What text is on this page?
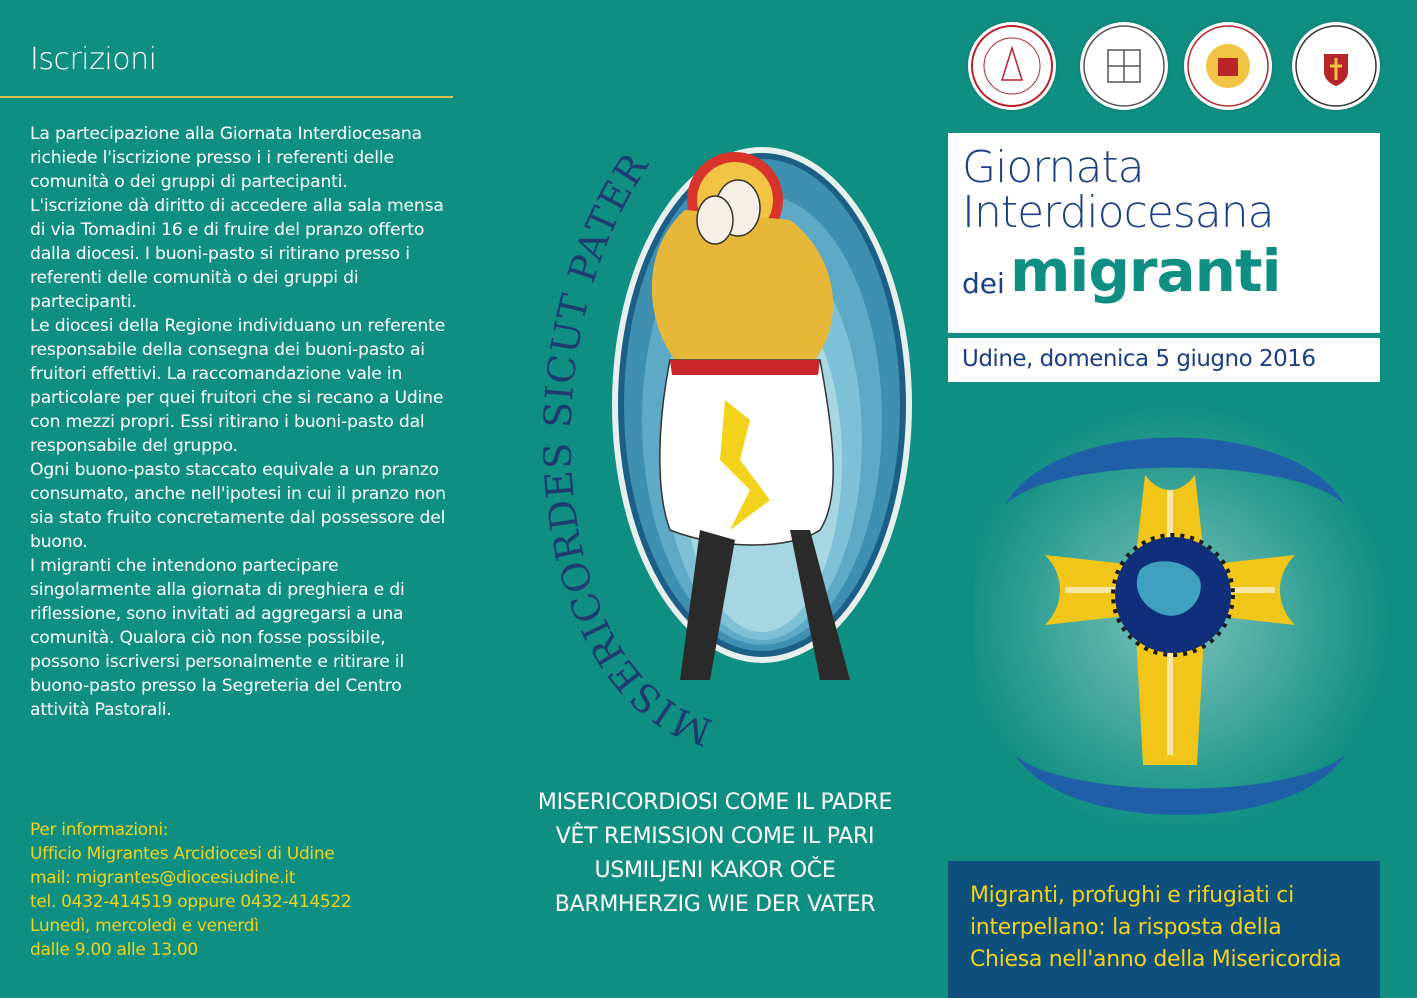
Iscrizioni

La partecipazione alla Giornata Interdiocesana richiede l'iscrizione presso i i referenti delle comunità o dei gruppi di partecipanti.

L'iscrizione dà diritto di accedere alla sala mensa di via Tomadini 16 e di fruire del pranzo offerto dalla diocesi. I buoni-pasto si ritirano presso i referenti delle comunità o dei gruppi di partecipanti.

Le diocesi della Regione individuano un referente responsabile della consegna dei buoni-pasto ai fruitori effettivi. La raccomandazione vale in particolare per quei fruitori che si recano a Udine con mezzi propri. Essi ritirano i buoni-pasto dal responsabile del gruppo.

Ogni buono-pasto staccato equivale a un pranzo consumato, anche nell'ipotesi in cui il pranzo non sia stato fruito concretamente dal possessore del buono.

I migranti che intendono partecipare singolarmente alla giornata di preghiera e di riflessione, sono invitati ad aggregarsi a una comunità. Qualora ciò non fosse possibile, possono iscriversi personalmente e ritirare il buono-pasto presso la Segreteria del Centro attività Pastorali.

Per informazioni:
Ufficio Migrantes Arcidiocesi di Udine
mail: migrantes@diocesiudine.it
tel. 0432-414519 oppure 0432-414522
Lunedì, mercoledì e venerdì
dalle 9.00 alle 13.00
MISERICORDES SICUT PATER
MISERICORDIOSI COME IL PADRE
VÊT REMISSION COME IL PARI
USMILJENI KAKOR OČE
BARMHERZIG WIE DER VATER
Giornata
Interdiocesana
dei migranti
Udine, domenica 5 giugno 2016
Migranti, profughi e rifugiati ci
interpellano: la risposta della
Chiesa nell'anno della Misericordia
